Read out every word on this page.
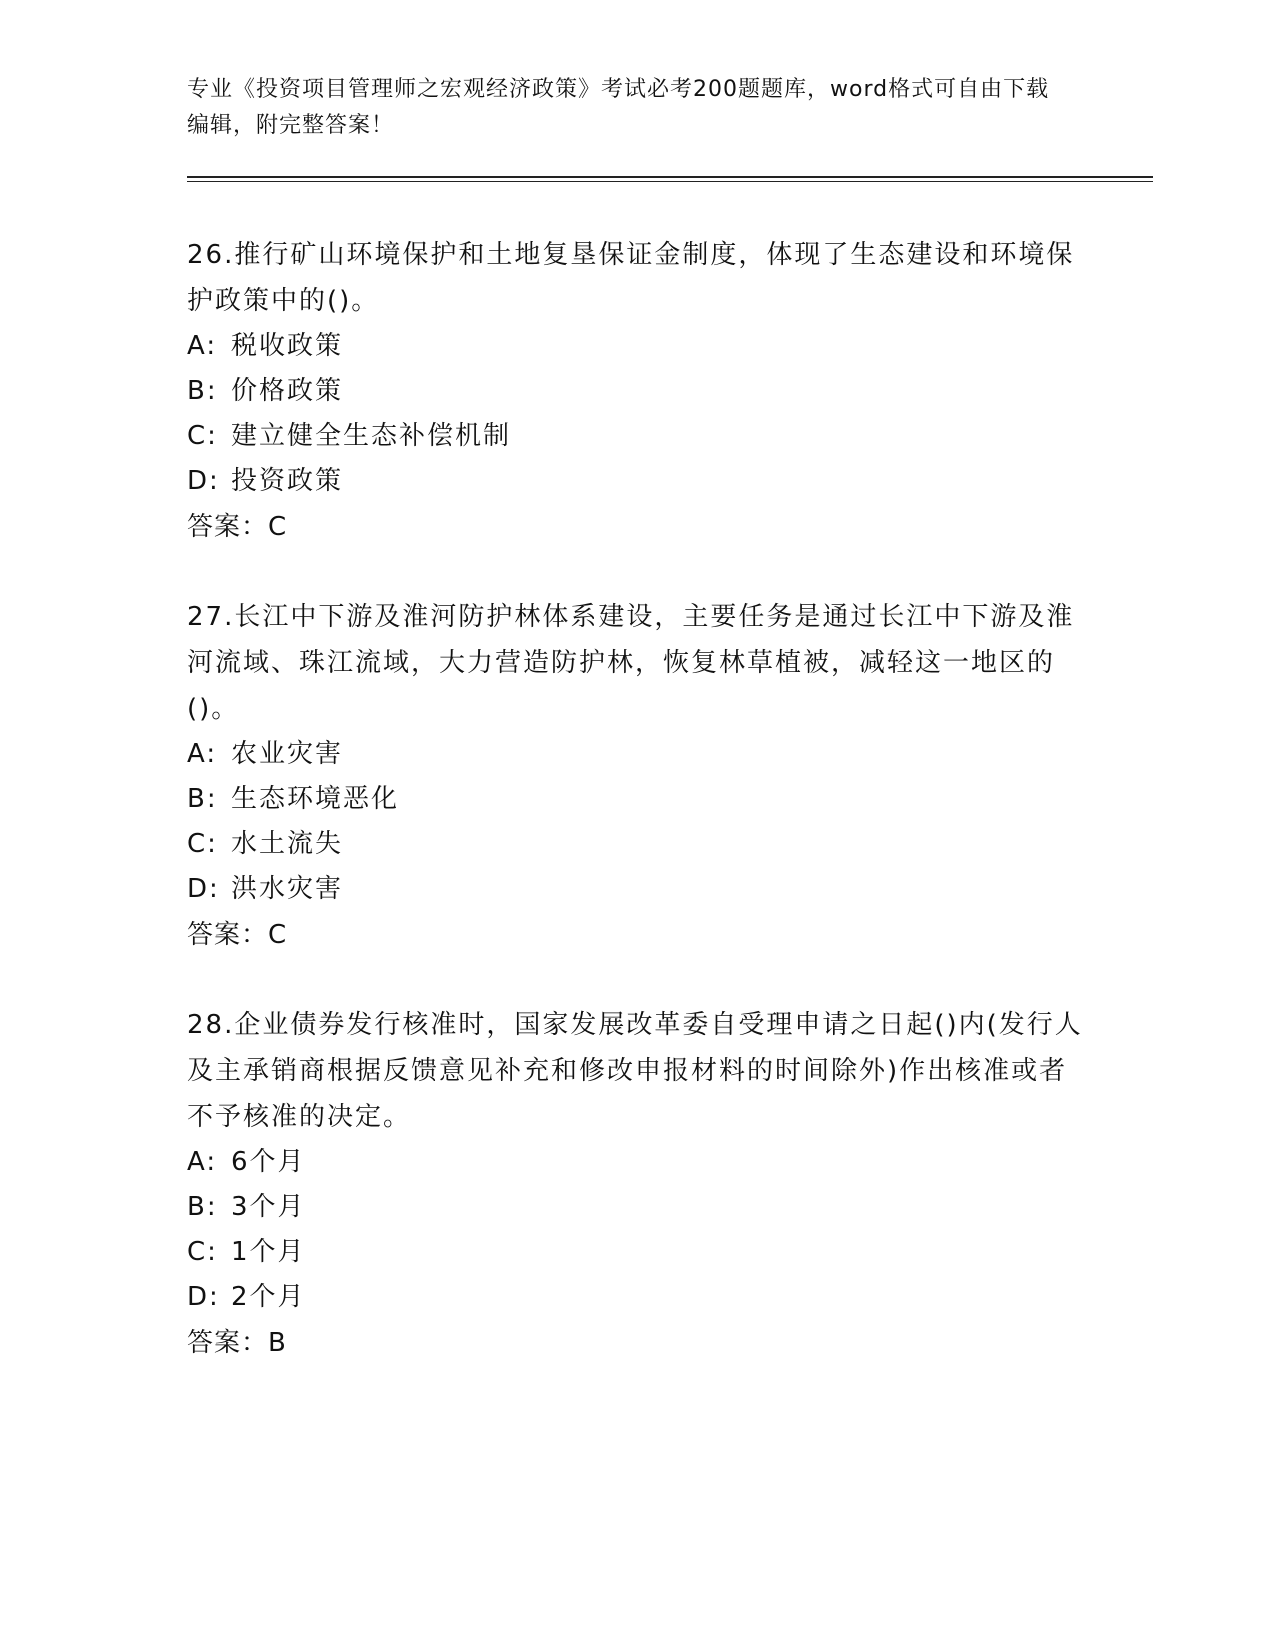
专业《投资项目管理师之宏观经济政策》考试必考200题题库，word格式可自由下载编辑，附完整答案！

26.推行矿山环境保护和土地复垦保证金制度，体现了生态建设和环境保护政策中的()。

A: 税收政策

B: 价格政策

C: 建立健全生态补偿机制

D: 投资政策

答案：C

27.长江中下游及淮河防护林体系建设，主要任务是通过长江中下游及淮河流域、珠江流域，大力营造防护林，恢复林草植被，减轻这一地区的()。

A: 农业灾害

B: 生态环境恶化

C: 水土流失

D: 洪水灾害

答案：C

28.企业债券发行核准时，国家发展改革委自受理申请之日起()内(发行人及主承销商根据反馈意见补充和修改申报材料的时间除外)作出核准或者不予核准的决定。

A: 6个月

B: 3个月

C: 1个月

D: 2个月

答案：B
